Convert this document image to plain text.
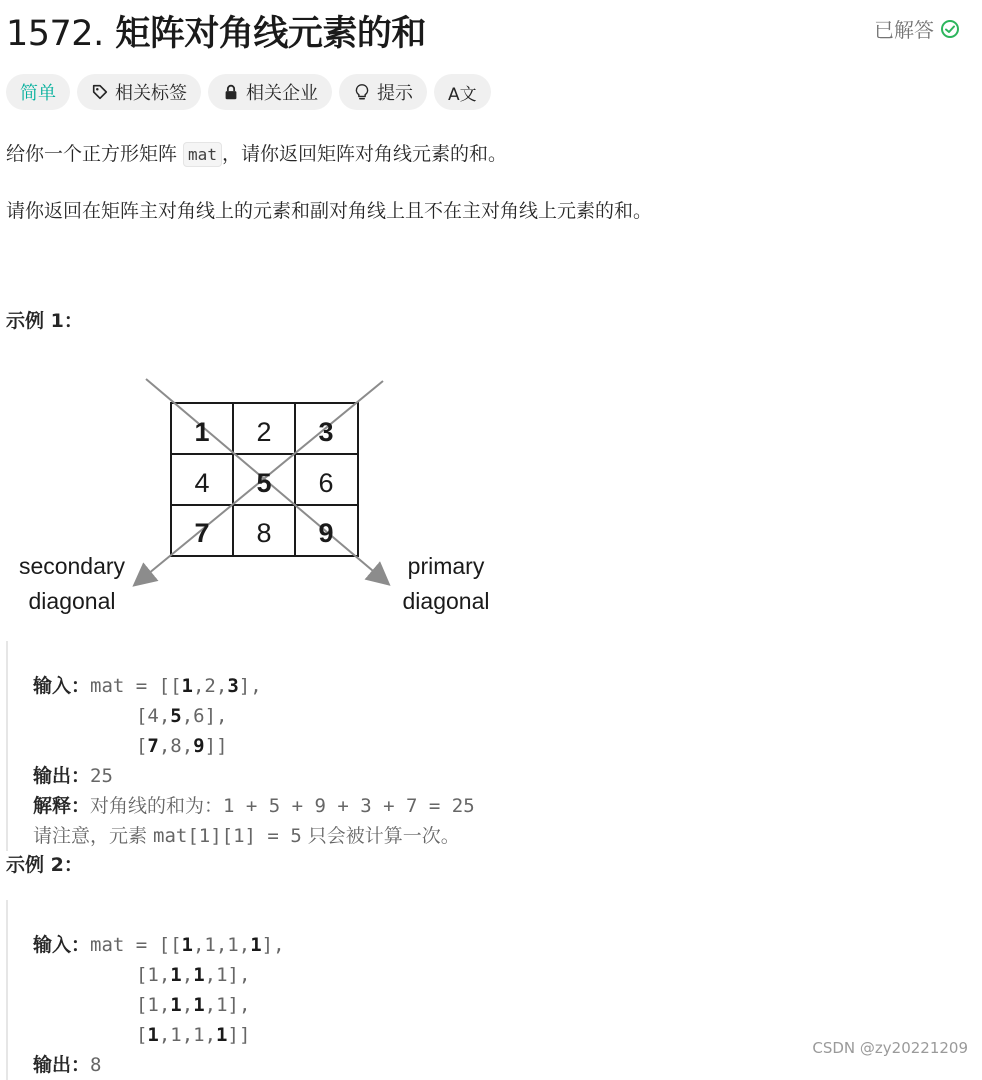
1572. 矩阵对角线元素的和	已解答
简单	相关标签	相关企业	提示 A文
给你一个正方形矩阵 mat ，请你返回矩阵对角线元素的和。
请你返回在矩阵主对角线上的元素和副对角线上且不在主对角线上元素的和。
示例 1：
1 2 3
4 5 6
7 8 9
secondary
diagonal
primary
diagonal

输入：mat = [[1,2,3],
[4,5,6],
[7,8,9]]
输出：25
解释：对角线的和为：1 + 5 + 9 + 3 + 7 = 25
请注意，元素 mat[1][1] = 5 只会被计算一次。
示例 2：

输入：mat = [[1,1,1,1],
[1,1,1,1],
[1,1,1,1],
[1,1,1,1]]
输出：8
CSDN @zy20221209
